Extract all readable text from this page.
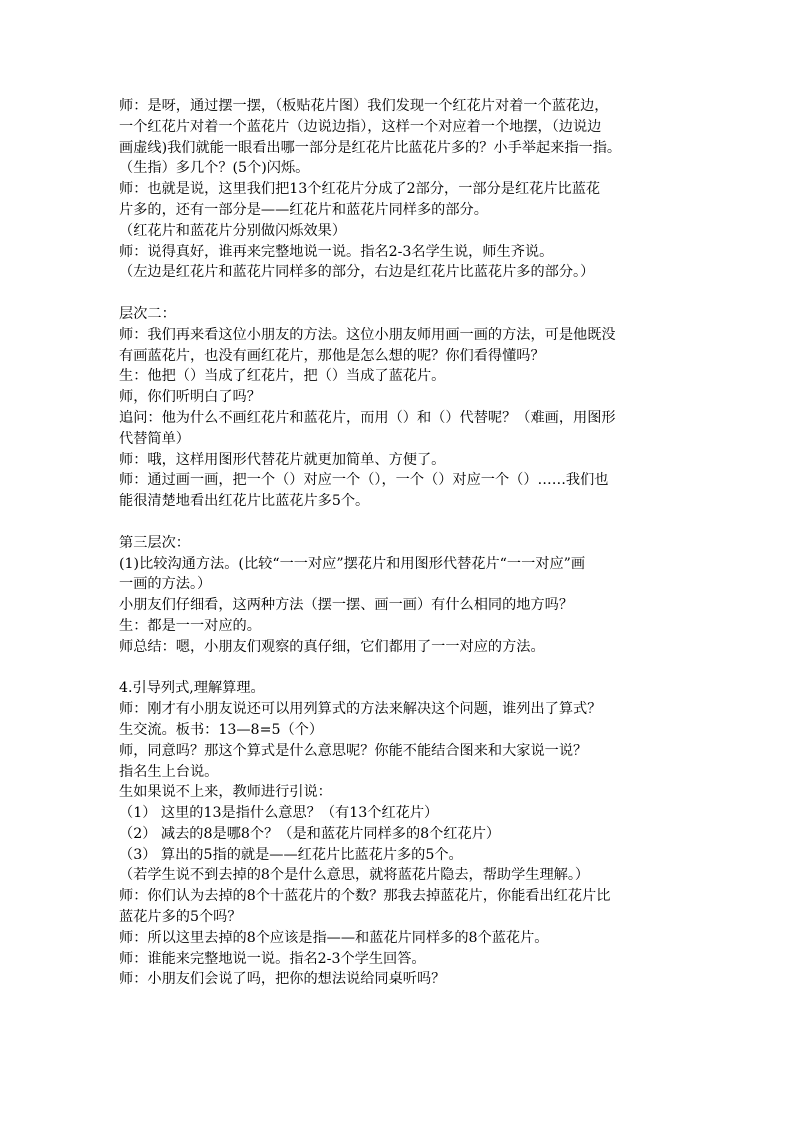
师：是呀，通过摆一摆，（板贴花片图）我们发现一个红花片对着一个蓝花边，
一个红花片对着一个蓝花片（边说边指），这样一个对应着一个地摆，（边说边
画虚线)我们就能一眼看出哪一部分是红花片比蓝花片多的？小手举起来指一指。
（生指）多几个？(5个)闪烁。
师：也就是说，这里我们把13个红花片分成了2部分，一部分是红花片比蓝花
片多的，还有一部分是——红花片和蓝花片同样多的部分。
（红花片和蓝花片分别做闪烁效果）
师：说得真好，谁再来完整地说一说。指名2-3名学生说，师生齐说。
（左边是红花片和蓝花片同样多的部分，右边是红花片比蓝花片多的部分。）
层次二：
师：我们再来看这位小朋友的方法。这位小朋友师用画一画的方法，可是他既没
有画蓝花片，也没有画红花片，那他是怎么想的呢？你们看得懂吗？
生：他把（）当成了红花片，把（）当成了蓝花片。
师，你们听明白了吗？
追问：他为什么不画红花片和蓝花片，而用（）和（）代替呢？（难画，用图形
代替简单）
师：哦，这样用图形代替花片就更加简单、方便了。
师：通过画一画，把一个（）对应一个（），一个（）对应一个（）……我们也
能很清楚地看出红花片比蓝花片多5个。
第三层次：
(1)比较沟通方法。(比较“一一对应”摆花片和用图形代替花片“一一对应”画
一画的方法。）
小朋友们仔细看，这两种方法（摆一摆、画一画）有什么相同的地方吗？
生：都是一一对应的。
师总结：嗯，小朋友们观察的真仔细，它们都用了一一对应的方法。
4.引导列式,理解算理。
师：刚才有小朋友说还可以用列算式的方法来解决这个问题，谁列出了算式？
生交流。板书：13—8=5（个）
师，同意吗？那这个算式是什么意思呢？你能不能结合图来和大家说一说？
指名生上台说。
生如果说不上来，教师进行引说：
（1） 这里的13是指什么意思？（有13个红花片）
（2） 减去的8是哪8个？（是和蓝花片同样多的8个红花片）
（3） 算出的5指的就是——红花片比蓝花片多的5个。
（若学生说不到去掉的8个是什么意思，就将蓝花片隐去，帮助学生理解。）
师：你们认为去掉的8个十蓝花片的个数？那我去掉蓝花片，你能看出红花片比
蓝花片多的5个吗？
师：所以这里去掉的8个应该是指——和蓝花片同样多的8个蓝花片。
师：谁能来完整地说一说。指名2-3个学生回答。
师：小朋友们会说了吗，把你的想法说给同桌听吗？
